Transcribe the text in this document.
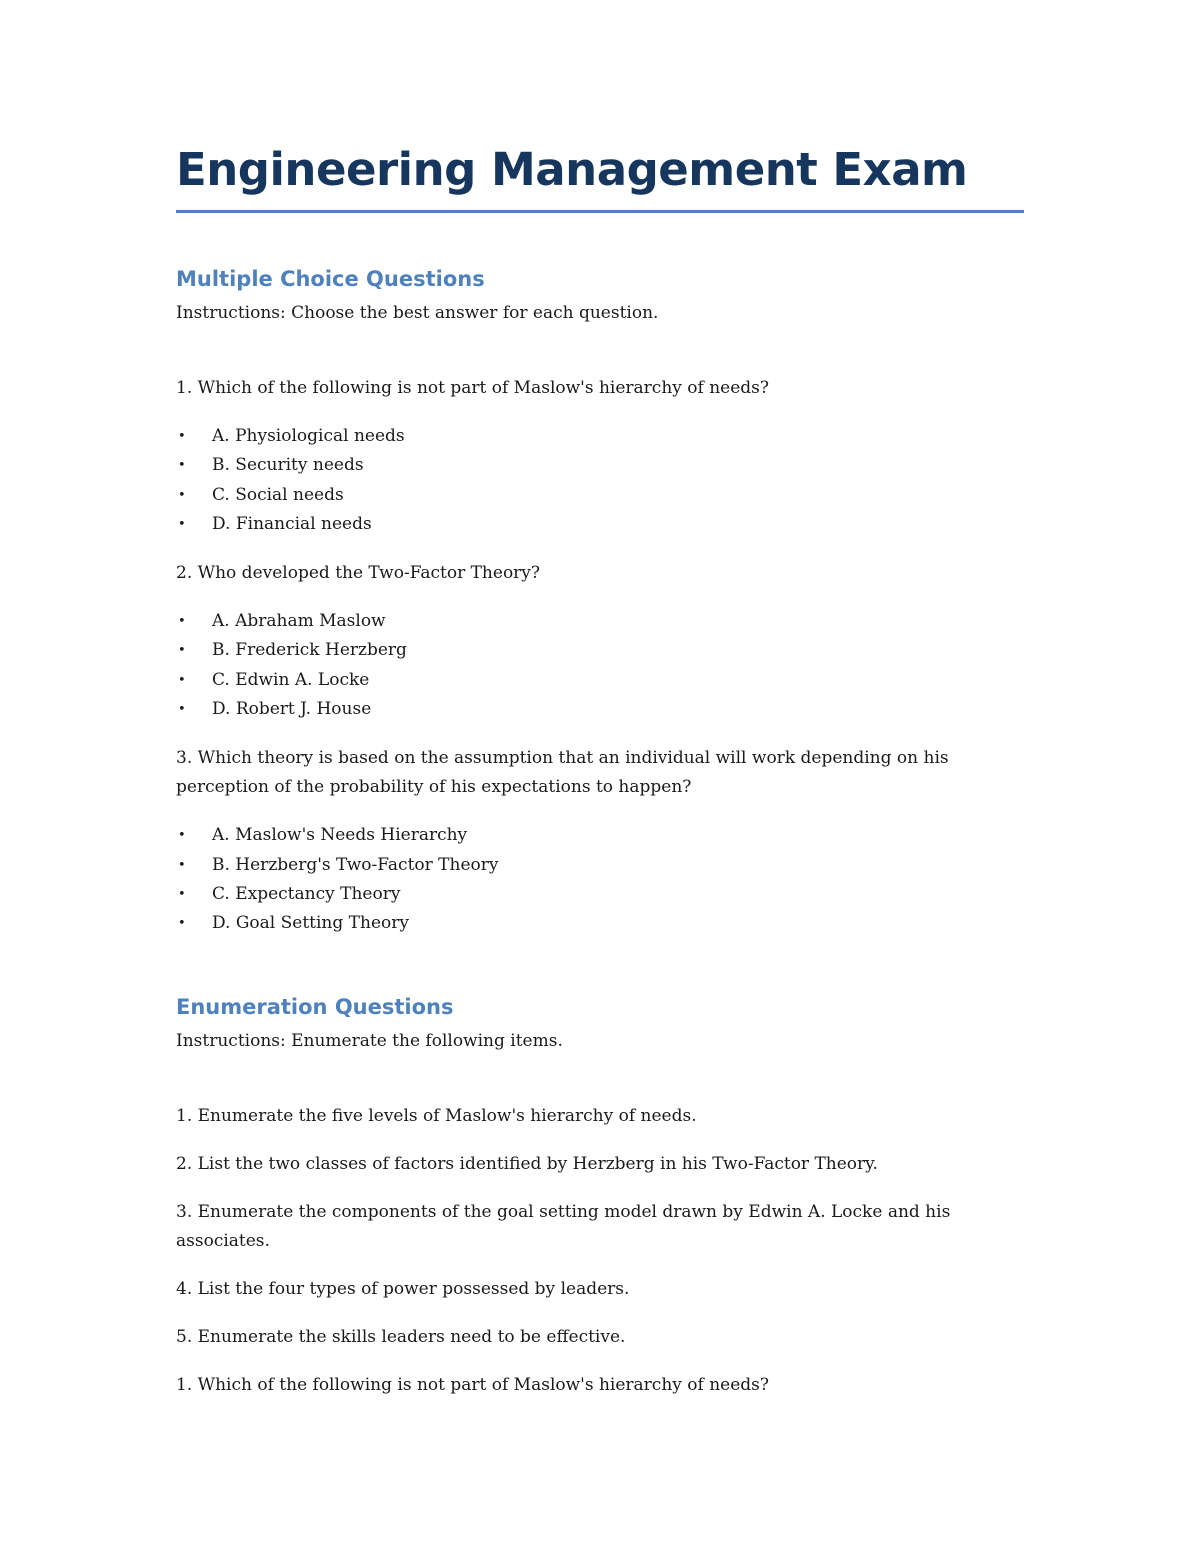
Engineering Management Exam
Multiple Choice Questions

Instructions: Choose the best answer for each question.

1. Which of the following is not part of Maslow's hierarchy of needs?

• A. Physiological needs
• B. Security needs
• C. Social needs
• D. Financial needs

2. Who developed the Two-Factor Theory?

• A. Abraham Maslow
• B. Frederick Herzberg
• C. Edwin A. Locke
• D. Robert J. House

3. Which theory is based on the assumption that an individual will work depending on his perception of the probability of his expectations to happen?

• A. Maslow's Needs Hierarchy
• B. Herzberg's Two-Factor Theory
• C. Expectancy Theory
• D. Goal Setting Theory
Enumeration Questions

Instructions: Enumerate the following items.

1. Enumerate the five levels of Maslow's hierarchy of needs.

2. List the two classes of factors identified by Herzberg in his Two-Factor Theory.

3. Enumerate the components of the goal setting model drawn by Edwin A. Locke and his associates.

4. List the four types of power possessed by leaders.

5. Enumerate the skills leaders need to be effective.

1. Which of the following is not part of Maslow's hierarchy of needs?
